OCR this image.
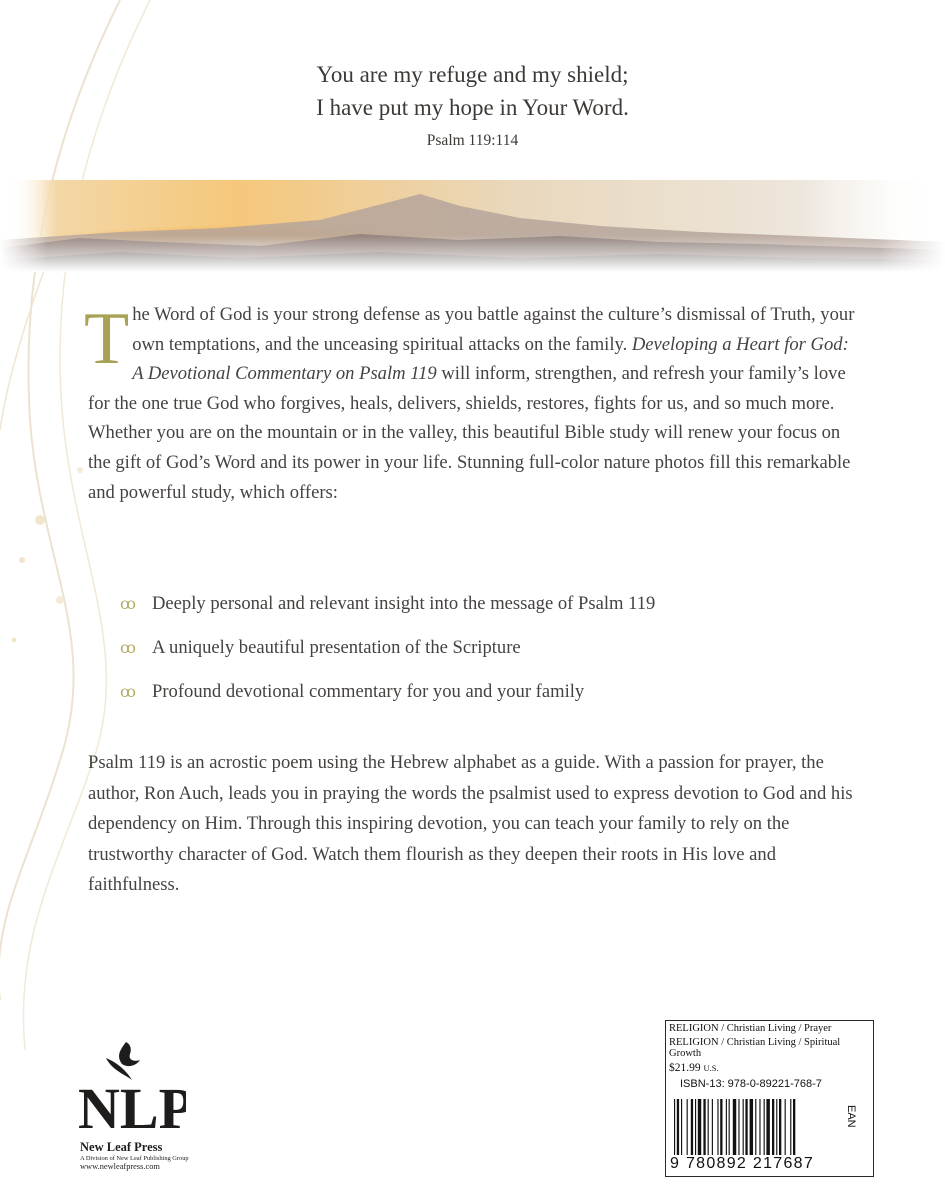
You are my refuge and my shield;
I have put my hope in Your Word.
Psalm 119:114
T he Word of God is your strong defense as you battle against the culture’s dismissal of Truth, your own temptations, and the unceasing spiritual attacks on the family. Developing a Heart for God: A Devotional Commentary on Psalm 119 will inform, strengthen, and refresh your family’s love for the one true God who forgives, heals, delivers, shields, restores, fights for us, and so much more. Whether you are on the mountain or in the valley, this beautiful Bible study will renew your focus on the gift of God’s Word and its power in your life. Stunning full-color nature photos fill this remarkable and powerful study, which offers:

ꝏ Deeply personal and relevant insight into the message of Psalm 119
ꝏ A uniquely beautiful presentation of the Scripture
ꝏ Profound devotional commentary for you and your family

Psalm 119 is an acrostic poem using the Hebrew alphabet as a guide. With a passion for prayer, the author, Ron Auch, leads you in praying the words the psalmist used to express devotion to God and his dependency on Him. Through this inspiring devotion, you can teach your family to rely on the trustworthy character of God. Watch them flourish as they deepen their roots in His love and faithfulness.

NLP
New Leaf Press
A Division of New Leaf Publishing Group
www.newleafpress.com
RELIGION / Christian Living / Prayer
RELIGION / Christian Living / Spiritual Growth
$21.99 U.S.
ISBN-13: 978-0-89221-768-7
EAN
9 780892 217687
